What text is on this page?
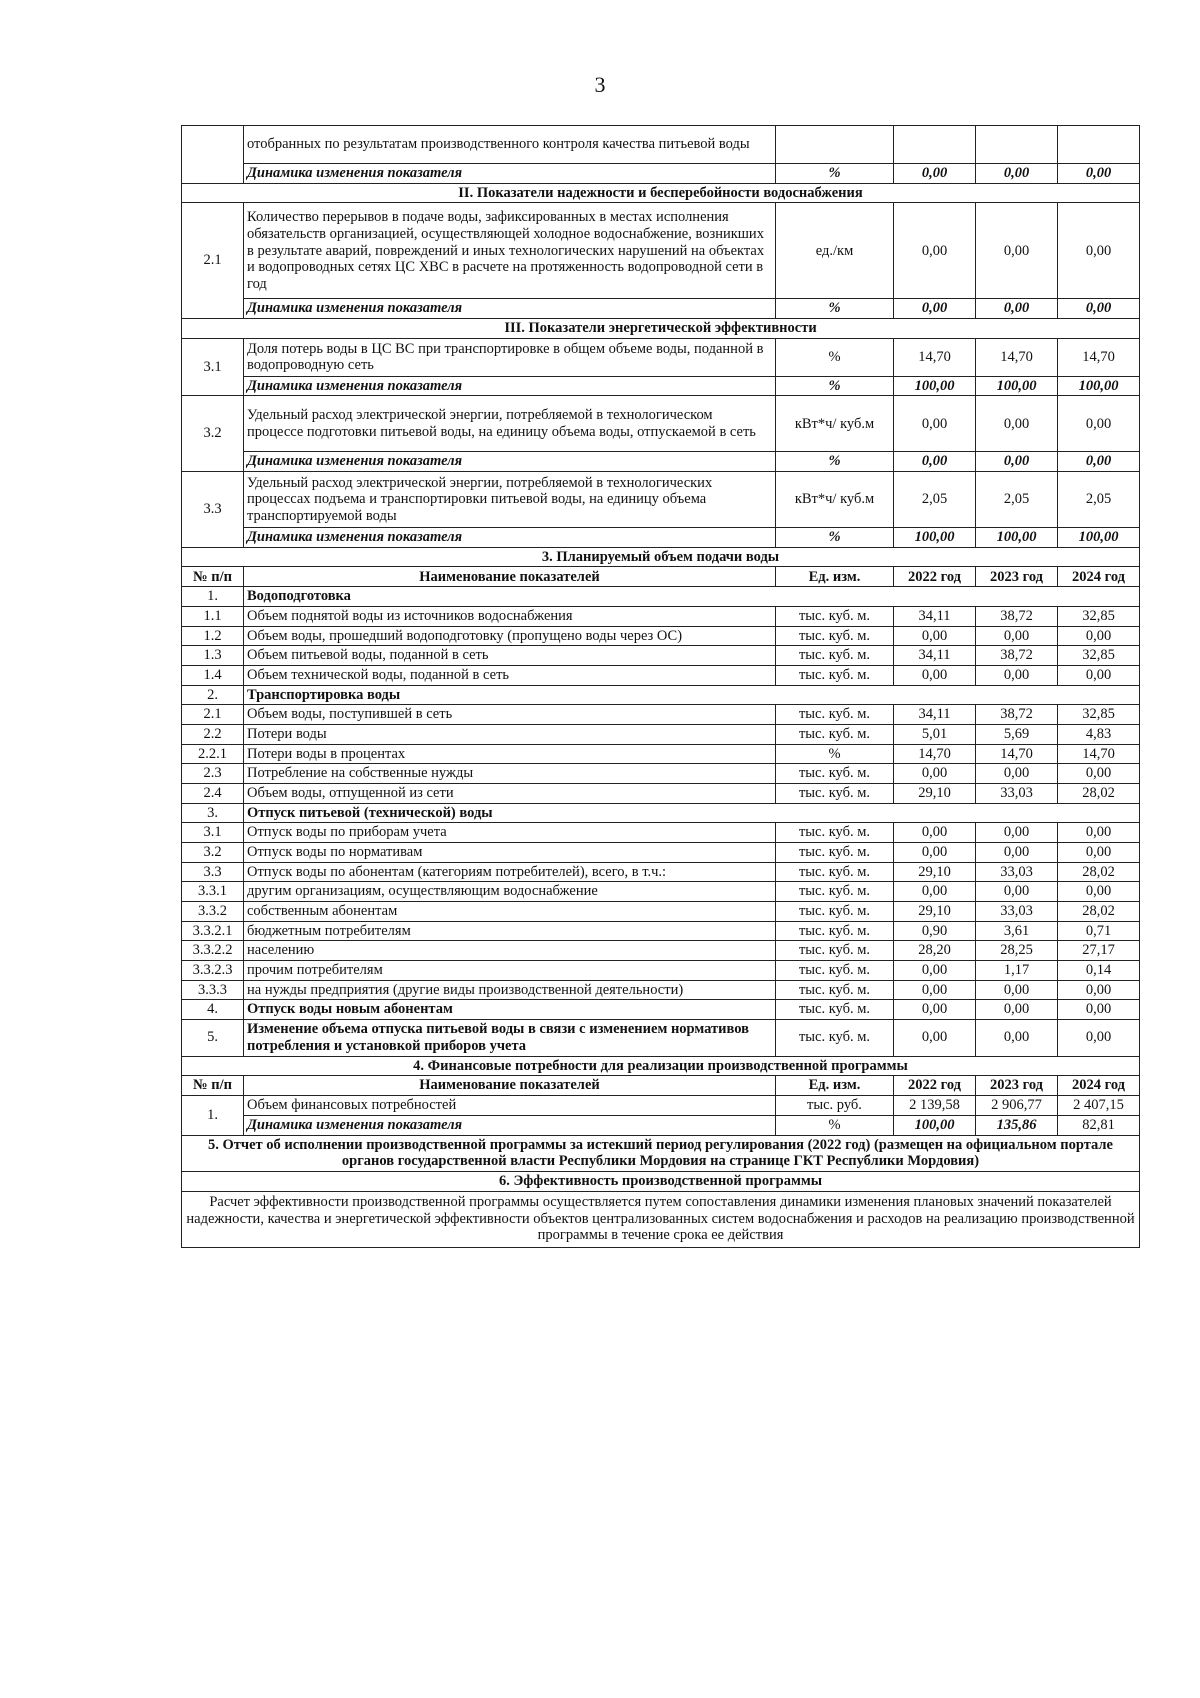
3
	отобранных по результатам производственного контроля качества питьевой воды				
	Динамика изменения показателя	%	0,00	0,00	0,00
II. Показатели надежности и бесперебойности водоснабжения					
2.1	Количество перерывов в подаче воды, зафиксированных в местах исполнения обязательств организацией, осуществляющей холодное водоснабжение, возникших в результате аварий, повреждений и иных технологических нарушений на объектах и водопроводных сетях ЦС ХВС в расчете на протяженность водопроводной сети в год	ед./км	0,00	0,00	0,00
	Динамика изменения показателя	%	0,00	0,00	0,00
III. Показатели энергетической эффективности					
3.1	Доля потерь воды в ЦС ВС при транспортировке в общем объеме воды, поданной в водопроводную сеть	%	14,70	14,70	14,70
	Динамика изменения показателя	%	100,00	100,00	100,00
3.2	Удельный расход электрической энергии, потребляемой в технологическом процессе подготовки питьевой воды, на единицу объема воды, отпускаемой в сеть	кВт*ч/ куб.м	0,00	0,00	0,00
	Динамика изменения показателя	%	0,00	0,00	0,00
3.3	Удельный расход электрической энергии, потребляемой в технологических процессах подъема и транспортировки питьевой воды, на единицу объема транспортируемой воды	кВт*ч/ куб.м	2,05	2,05	2,05
	Динамика изменения показателя	%	100,00	100,00	100,00
3. Планируемый объем подачи воды					
№ п/п	Наименование показателей	Ед. изм.	2022 год	2023 год	2024 год
1.	Водоподготовка				
1.1	Объем поднятой воды из источников водоснабжения	тыс. куб. м.	34,11	38,72	32,85
1.2	Объем воды, прошедший водоподготовку (пропущено воды через ОС)	тыс. куб. м.	0,00	0,00	0,00
1.3	Объем питьевой воды, поданной в сеть	тыс. куб. м.	34,11	38,72	32,85
1.4	Объем технической воды, поданной в сеть	тыс. куб. м.	0,00	0,00	0,00
2.	Транспортировка воды				
2.1	Объем воды, поступившей в сеть	тыс. куб. м.	34,11	38,72	32,85
2.2	Потери воды	тыс. куб. м.	5,01	5,69	4,83
2.2.1	Потери воды в процентах	%	14,70	14,70	14,70
2.3	Потребление на собственные нужды	тыс. куб. м.	0,00	0,00	0,00
2.4	Объем воды, отпущенной из сети	тыс. куб. м.	29,10	33,03	28,02
3.	Отпуск питьевой (технической) воды				
3.1	Отпуск воды по приборам учета	тыс. куб. м.	0,00	0,00	0,00
3.2	Отпуск воды по нормативам	тыс. куб. м.	0,00	0,00	0,00
3.3	Отпуск воды по абонентам (категориям потребителей), всего, в т.ч.:	тыс. куб. м.	29,10	33,03	28,02
3.3.1	другим организациям, осуществляющим водоснабжение	тыс. куб. м.	0,00	0,00	0,00
3.3.2	собственным абонентам	тыс. куб. м.	29,10	33,03	28,02
3.3.2.1	бюджетным потребителям	тыс. куб. м.	0,90	3,61	0,71
3.3.2.2	населению	тыс. куб. м.	28,20	28,25	27,17
3.3.2.3	прочим потребителям	тыс. куб. м.	0,00	1,17	0,14
3.3.3	на нужды предприятия (другие виды производственной деятельности)	тыс. куб. м.	0,00	0,00	0,00
4.	Отпуск воды новым абонентам	тыс. куб. м.	0,00	0,00	0,00
5.	Изменение объема отпуска питьевой воды в связи с изменением нормативов потребления и установкой приборов учета	тыс. куб. м.	0,00	0,00	0,00
4. Финансовые потребности для реализации производственной программы					
№ п/п	Наименование показателей	Ед. изм.	2022 год	2023 год	2024 год
1.	Объем финансовых потребностей	тыс. руб.	2 139,58	2 906,77	2 407,15
	Динамика изменения показателя	%	100,00	135,86	82,81
5. Отчет об исполнении производственной программы за истекший период регулирования (2022 год) (размещен на официальном портале органов государственной власти Республики Мордовия на странице ГКТ Республики Мордовия)					
6. Эффективность производственной программы					
Расчет эффективности производственной программы осуществляется путем сопоставления динамики изменения плановых значений показателей надежности, качества и энергетической эффективности объектов централизованных систем водоснабжения и расходов на реализацию производственной программы в течение срока ее действия					
